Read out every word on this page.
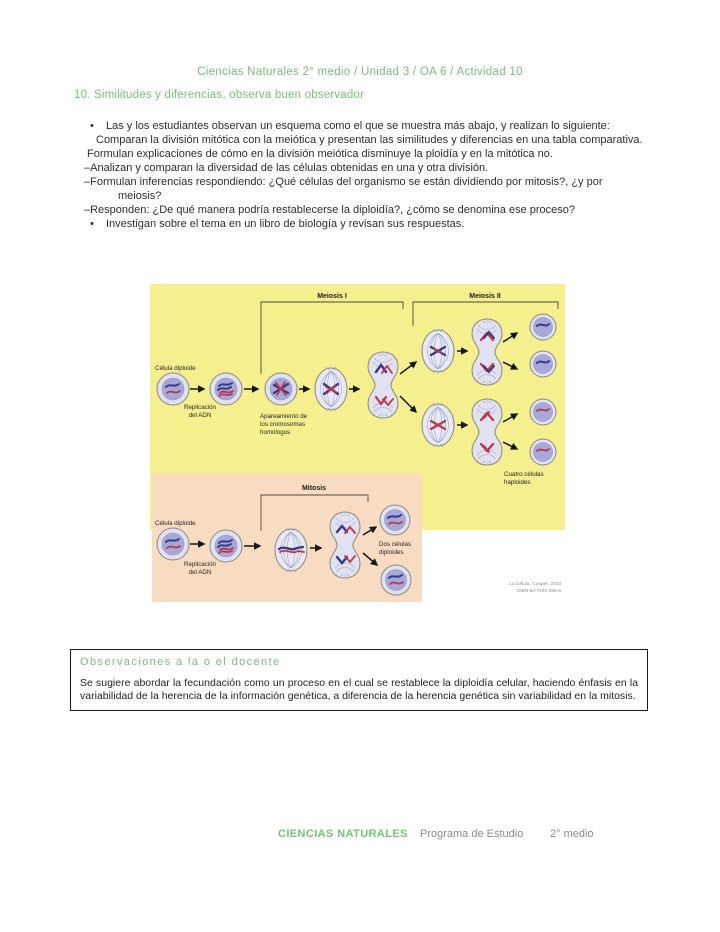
Ciencias Naturales 2° medio / Unidad 3 / OA 6 / Actividad 10
10. Similitudes y diferencias, observa buen observador
• Las y los estudiantes observan un esquema como el que se muestra más abajo, y realizan lo siguiente:
Comparan la división mitótica con la meiótica y presentan las similitudes y diferencias en una tabla comparativa.
Formulan explicaciones de cómo en la división meiótica disminuye la ploidía y en la mitótica no.
–Analizan y comparan la diversidad de las células obtenidas en una y otra división.
–Formulan inferencias respondiendo: ¿Qué células del organismo se están dividiendo por mitosis?, ¿y por meiosis?
–Responden: ¿De qué manera podría restablecerse la diploidía?, ¿cómo se denomina ese proceso?
• Investigan sobre el tema en un libro de biología y revisan sus respuestas.
Meiosis I	Meiosis II
Célula diploide
Replicación
del ADN	Apareamiento de
los cromosomas
homólogos
Cuatro células
haploides
Mitosis
Célula diploide
Replicación
del ADN
Dos células
diploides
La Célula, Cooper, 2010
ISBN 84-7101-356-8
Observaciones a la o el docente
Se sugiere abordar la fecundación como un proceso en el cual se restablece la diploidía celular, haciendo énfasis en la variabilidad de la herencia de la información genética, a diferencia de la herencia genética sin variabilidad en la mitosis.
CIENCIAS NATURALES Programa de Estudio 2° medio
